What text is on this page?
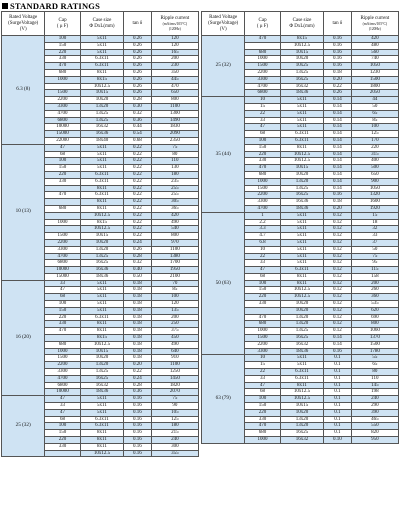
STANDARD RATINGS
Rated Voltage
(SurgeVoltage)
(V)	Cap
( μ F)	Case size
Φ DxL(mm)	tan δ	Ripple current
(mA/rms/105°C)
(120Hz)

6.3 (8)	100	5x11	0.26	120
	150	5x11	0.26	120
	220	5x11	0.26	165
	330	6.3x11	0.26	200
	470	6.3x11	0.26	230
	680	8x11	0.26	350
	1000	8x15	0.26	445
		10x12.5	0.26	470
	1500	10x15	0.26	650
	2200	10x20	0.28	800
	3300	13x20	0.30	1100
	4700	13x25	0.32	1300
	6800	13x25	0.36	1490
	10000	16x32	0.44	1830
	15000	16x36	0.54	2090
	22000	18x40	0.68	2350
10 (13)	47	5x11	0.22	75
	68	5x11	0.22	80
	100	5x11	0.22	110
	150	5x11	0.22	130
	220	6.3x11	0.22	180
	330	6.3x11	0.22	235
		8x11	0.22	255
	470	6.3x11	0.22	255
		8x11	0.22	305
	680	8x11	0.22	365
		10x12.5	0.22	420
	1000	8x15	0.22	490
		10x12.5	0.22	540
	1500	10x15	0.22	800
	2200	10x20	0.24	970
	3300	13x20	0.26	1100
	4700	13x25	0.28	1380
	6800	16x25	0.32	1700
	10000	16x36	0.40	1950
	15000	18x36	0.50	2100
16 (20)	33	5x11	0.18	70
	47	5x11	0.18	85
	68	5x11	0.18	100
	100	5x11	0.18	120
	150	5x11	0.18	135
	220	6.3x11	0.18	200
	330	8x11	0.18	250
	470	8x11	0.18	375
		8x15	0.18	450
	680	10x12.5	0.18	490
	1000	10x15	0.18	640
	1500	10x20	0.18	910
	2200	13x20	0.20	1100
	3300	13x25	0.22	1250
	4700	16x25	0.24	1450
	6800	16x32	0.28	1820
	10000	18x36	0.36	2070
25 (32)	47	5x11	0.16	75
	33	5x11	0.16	90
	47	5x11	0.16	105
	68	6.3x11	0.16	125
	100	6.3x11	0.16	180
	150	8x11	0.16	215
	220	8x11	0.16	240
	330	8x11	0.16	300
		10x12.5	0.16	355
Rated Voltage
(SurgeVoltage)
(V)	Cap
( μ F)	Case size
Φ DxL(mm)	tan δ	Ripple current
(mA/rms/105°C)
(120Hz)

25 (32)	470	8x15	0.16	420
		10x12.5	0.16	480
	680	10x15	0.16	560
	1000	10x20	0.16	740
	1500	10x25	0.16	1050
	2200	13x25	0.18	1230
	3300	16x25	0.20	1500
	4700	16x32	0.22	1800
	6800	18x36	0.26	2050
35 (44)	10	5x11	0.14	44
	15	5x11	0.14	50
	22	5x11	0.14	65
	33	5x11	0.14	85
	47	5x11	0.14	100
	68	6.3x11	0.14	125
	100	6.3x11	0.14	170
	150	8x11	0.14	220
	220	10x12.5	0.14	315
	330	10x12.5	0.14	400
	470	10x15	0.14	500
	680	10x20	0.14	650
	1000	13x20	0.14	900
	1500	13x25	0.14	1050
	2200	16x25	0.16	1320
	3300	16x36	0.18	1600
	4700	18x36	0.20	1920
50 (63)	1	5x11	0.12	15
	2.2	5x11	0.12	18
	3.3	5x11	0.12	32
	4.7	5x11	0.12	33
	6.8	5x11	0.12	37
	10	5x11	0.12	50
	22	5x11	0.12	75
	33	5x11	0.12	95
	47	6.3x11	0.12	115
	68	8x11	0.12	158
	100	8x11	0.12	200
	150	10x12.5	0.12	260
	220	10x12.5	0.12	360
	330	10x20	0.12	535
		10x20	0.12	620
	470	13x20	0.12	690
	680	13x20	0.12	800
	1000	13x25	0.12	1060
	1500	16x25	0.14	1370
	2200	16x32	0.14	1500
	3300	18x36	0.16	1780
63 (79)	10	5x11	0.1	55
	15	5x11	0.1	65
	22	6.3x11	0.1	80
	33	6.3x11	0.1	110
	47	8x11	0.1	145
	68	10x12.5	0.1	198
	100	10x12.5	0.1	240
	150	10x15	0.1	290
	220	10x20	0.1	390
	330	13x20	0.1	465
	470	13x20	0.1	550
	680	16x25	0.1	820
	1000	16x32	0.10	950
